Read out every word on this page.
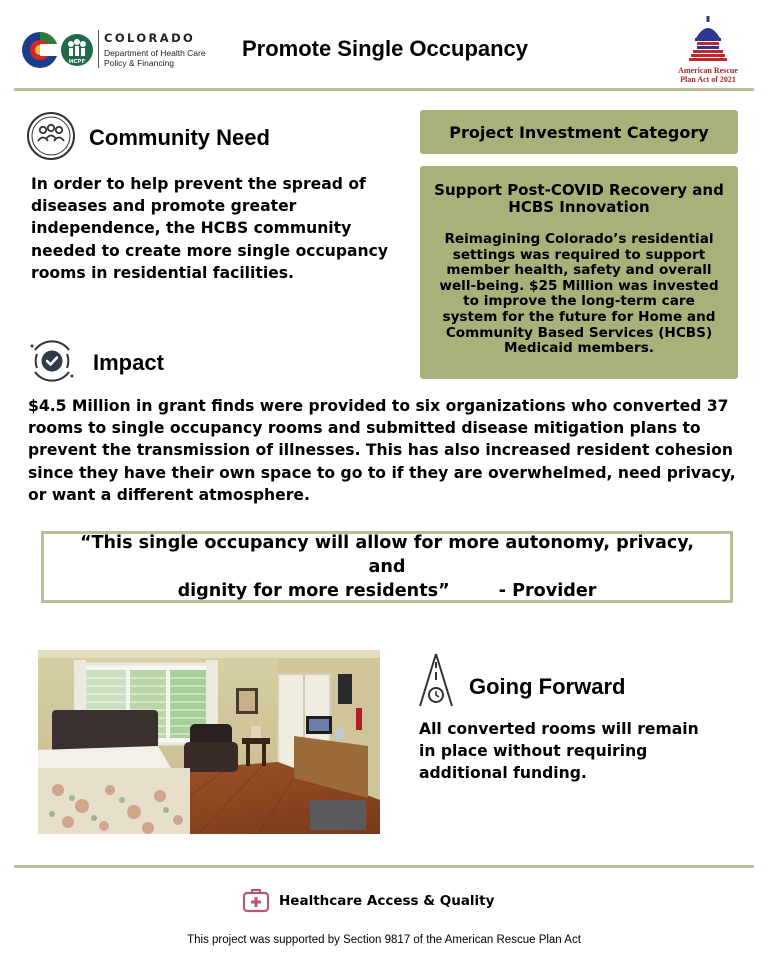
HCPF
COLORADO
Department of Health Care
Policy & Financing
Promote Single Occupancy
American Rescue
Plan Act of 2021
Community Need
In order to help prevent the spread of
diseases and promote greater
independence, the HCBS community
needed to create more single occupancy
rooms in residential facilities.
Project Investment Category
Support Post-COVID Recovery and
HCBS Innovation
Reimagining Colorado’s residential
settings was required to support
member health, safety and overall
well-being. $25 Million was invested
to improve the long-term care
system for the future for Home and
Community Based Services (HCBS)
Medicaid members.
Impact
$4.5 Million in grant finds were provided to six organizations who converted 37
rooms to single occupancy rooms and submitted disease mitigation plans to
prevent the transmission of illnesses. This has also increased resident cohesion
since they have their own space to go to if they are overwhelmed, need privacy,
or want a different atmosphere.
“This single occupancy will allow for more autonomy, privacy, and
dignity for more residents”        - Provider
Going Forward
All converted rooms will remain
in place without requiring
additional funding.
Healthcare Access & Quality
This project was supported by Section 9817 of the American Rescue Plan Act
